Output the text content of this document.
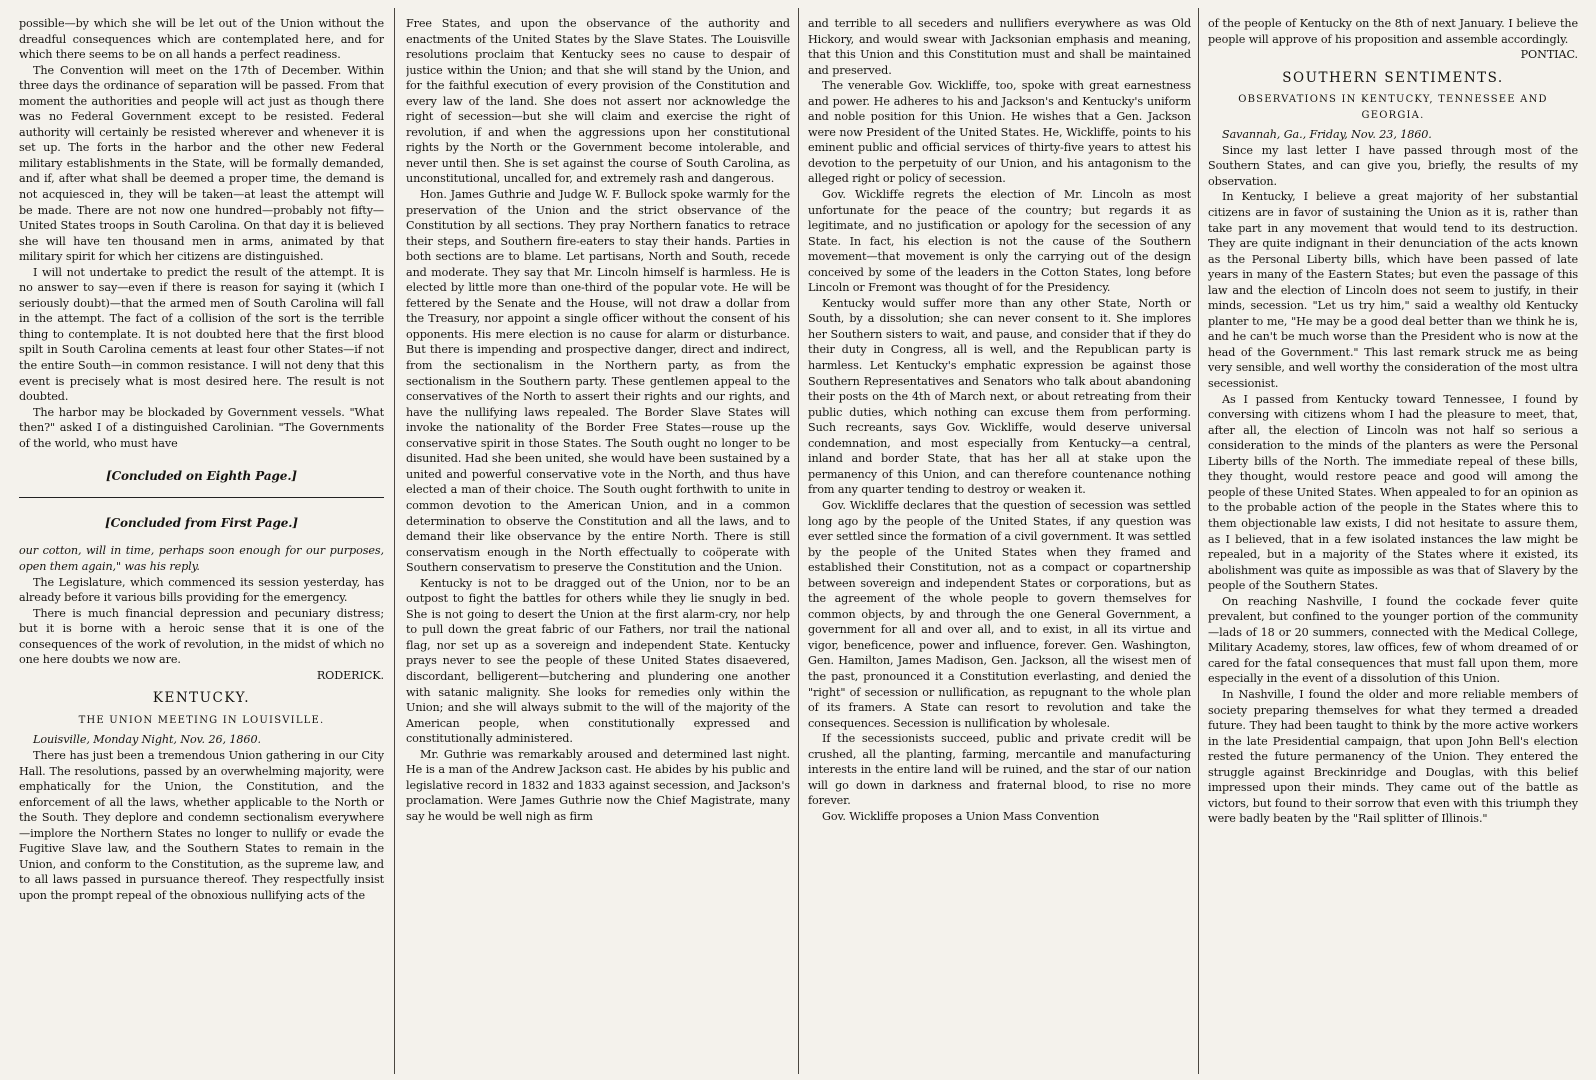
possible—by which she will be let out of the Union without the dreadful consequences which are contemplated here, and for which there seems to be on all hands a perfect readiness.

The Convention will meet on the 17th of December. Within three days the ordinance of separation will be passed. From that moment the authorities and people will act just as though there was no Federal Government except to be resisted. Federal authority will certainly be resisted wherever and whenever it is set up. The forts in the harbor and the other new Federal military establishments in the State, will be formally demanded, and if, after what shall be deemed a proper time, the demand is not acquiesced in, they will be taken—at least the attempt will be made. There are not now one hundred—probably not fifty—United States troops in South Carolina. On that day it is believed she will have ten thousand men in arms, animated by that military spirit for which her citizens are distinguished.

I will not undertake to predict the result of the attempt. It is no answer to say—even if there is reason for saying it (which I seriously doubt)—that the armed men of South Carolina will fall in the attempt. The fact of a collision of the sort is the terrible thing to contemplate. It is not doubted here that the first blood spilt in South Carolina cements at least four other States—if not the entire South—in common resistance. I will not deny that this event is precisely what is most desired here. The result is not doubted.

The harbor may be blockaded by Government vessels. "What then?" asked I of a distinguished Carolinian. "The Governments of the world, who must have

[Concluded on Eighth Page.]

[Concluded from First Page.]

our cotton, will in time, perhaps soon enough for our purposes, open them again," was his reply.

The Legislature, which commenced its session yesterday, has already before it various bills providing for the emergency.

There is much financial depression and pecuniary distress; but it is borne with a heroic sense that it is one of the consequences of the work of revolution, in the midst of which no one here doubts we now are.

RODERICK.

KENTUCKY.

THE UNION MEETING IN LOUISVILLE.

Louisville, Monday Night, Nov. 26, 1860.

There has just been a tremendous Union gathering in our City Hall. The resolutions, passed by an overwhelming majority, were emphatically for the Union, the Constitution, and the enforcement of all the laws, whether applicable to the North or the South. They deplore and condemn sectionalism everywhere—implore the Northern States no longer to nullify or evade the Fugitive Slave law, and the Southern States to remain in the Union, and conform to the Constitution, as the supreme law, and to all laws passed in pursuance thereof. They respectfully insist upon the prompt repeal of the obnoxious nullifying acts of the

Free States, and upon the observance of the authority and enactments of the United States by the Slave States. The Louisville resolutions proclaim that Kentucky sees no cause to despair of justice within the Union; and that she will stand by the Union, and for the faithful execution of every provision of the Constitution and every law of the land. She does not assert nor acknowledge the right of secession—but she will claim and exercise the right of revolution, if and when the aggressions upon her constitutional rights by the North or the Government become intolerable, and never until then. She is set against the course of South Carolina, as unconstitutional, uncalled for, and extremely rash and dangerous.

Hon. James Guthrie and Judge W. F. Bullock spoke warmly for the preservation of the Union and the strict observance of the Constitution by all sections. They pray Northern fanatics to retrace their steps, and Southern fire-eaters to stay their hands. Parties in both sections are to blame. Let partisans, North and South, recede and moderate. They say that Mr. Lincoln himself is harmless. He is elected by little more than one-third of the popular vote. He will be fettered by the Senate and the House, will not draw a dollar from the Treasury, nor appoint a single officer without the consent of his opponents. His mere election is no cause for alarm or disturbance. But there is impending and prospective danger, direct and indirect, from the sectionalism in the Northern party, as from the sectionalism in the Southern party. These gentlemen appeal to the conservatives of the North to assert their rights and our rights, and have the nullifying laws repealed. The Border Slave States will invoke the nationality of the Border Free States—rouse up the conservative spirit in those States. The South ought no longer to be disunited. Had she been united, she would have been sustained by a united and powerful conservative vote in the North, and thus have elected a man of their choice. The South ought forthwith to unite in common devotion to the American Union, and in a common determination to observe the Constitution and all the laws, and to demand their like observance by the entire North. There is still conservatism enough in the North effectually to coöperate with Southern conservatism to preserve the Constitution and the Union.

Kentucky is not to be dragged out of the Union, nor to be an outpost to fight the battles for others while they lie snugly in bed. She is not going to desert the Union at the first alarm-cry, nor help to pull down the great fabric of our Fathers, nor trail the national flag, nor set up as a sovereign and independent State. Kentucky prays never to see the people of these United States disaevered, discordant, belligerent—butchering and plundering one another with satanic malignity. She looks for remedies only within the Union; and she will always submit to the will of the majority of the American people, when constitutionally expressed and constitutionally administered.

Mr. Guthrie was remarkably aroused and determined last night. He is a man of the Andrew Jackson cast. He abides by his public and legislative record in 1832 and 1833 against secession, and Jackson's proclamation. Were James Guthrie now the Chief Magistrate, many say he would be well nigh as firm

and terrible to all seceders and nullifiers everywhere as was Old Hickory, and would swear with Jacksonian emphasis and meaning, that this Union and this Constitution must and shall be maintained and preserved.

The venerable Gov. Wickliffe, too, spoke with great earnestness and power. He adheres to his and Jackson's and Kentucky's uniform and noble position for this Union. He wishes that a Gen. Jackson were now President of the United States. He, Wickliffe, points to his eminent public and official services of thirty-five years to attest his devotion to the perpetuity of our Union, and his antagonism to the alleged right or policy of secession.

Gov. Wickliffe regrets the election of Mr. Lincoln as most unfortunate for the peace of the country; but regards it as legitimate, and no justification or apology for the secession of any State. In fact, his election is not the cause of the Southern movement—that movement is only the carrying out of the design conceived by some of the leaders in the Cotton States, long before Lincoln or Fremont was thought of for the Presidency.

Kentucky would suffer more than any other State, North or South, by a dissolution; she can never consent to it. She implores her Southern sisters to wait, and pause, and consider that if they do their duty in Congress, all is well, and the Republican party is harmless. Let Kentucky's emphatic expression be against those Southern Representatives and Senators who talk about abandoning their posts on the 4th of March next, or about retreating from their public duties, which nothing can excuse them from performing. Such recreants, says Gov. Wickliffe, would deserve universal condemnation, and most especially from Kentucky—a central, inland and border State, that has her all at stake upon the permanency of this Union, and can therefore countenance nothing from any quarter tending to destroy or weaken it.

Gov. Wickliffe declares that the question of secession was settled long ago by the people of the United States, if any question was ever settled since the formation of a civil government. It was settled by the people of the United States when they framed and established their Constitution, not as a compact or copartnership between sovereign and independent States or corporations, but as the agreement of the whole people to govern themselves for common objects, by and through the one General Government, a government for all and over all, and to exist, in all its virtue and vigor, beneficence, power and influence, forever. Gen. Washington, Gen. Hamilton, James Madison, Gen. Jackson, all the wisest men of the past, pronounced it a Constitution everlasting, and denied the "right" of secession or nullification, as repugnant to the whole plan of its framers. A State can resort to revolution and take the consequences. Secession is nullification by wholesale.

If the secessionists succeed, public and private credit will be crushed, all the planting, farming, mercantile and manufacturing interests in the entire land will be ruined, and the star of our nation will go down in darkness and fraternal blood, to rise no more forever.

Gov. Wickliffe proposes a Union Mass Convention

of the people of Kentucky on the 8th of next January. I believe the people will approve of his proposition and assemble accordingly.

PONTIAC.

SOUTHERN SENTIMENTS.

OBSERVATIONS IN KENTUCKY, TENNESSEE AND GEORGIA.

Savannah, Ga., Friday, Nov. 23, 1860.

Since my last letter I have passed through most of the Southern States, and can give you, briefly, the results of my observation.

In Kentucky, I believe a great majority of her substantial citizens are in favor of sustaining the Union as it is, rather than take part in any movement that would tend to its destruction. They are quite indignant in their denunciation of the acts known as the Personal Liberty bills, which have been passed of late years in many of the Eastern States; but even the passage of this law and the election of Lincoln does not seem to justify, in their minds, secession. "Let us try him," said a wealthy old Kentucky planter to me, "He may be a good deal better than we think he is, and he can't be much worse than the President who is now at the head of the Government." This last remark struck me as being very sensible, and well worthy the consideration of the most ultra secessionist.

As I passed from Kentucky toward Tennessee, I found by conversing with citizens whom I had the pleasure to meet, that, after all, the election of Lincoln was not half so serious a consideration to the minds of the planters as were the Personal Liberty bills of the North. The immediate repeal of these bills, they thought, would restore peace and good will among the people of these United States. When appealed to for an opinion as to the probable action of the people in the States where this to them objectionable law exists, I did not hesitate to assure them, as I believed, that in a few isolated instances the law might be repealed, but in a majority of the States where it existed, its abolishment was quite as impossible as was that of Slavery by the people of the Southern States.

On reaching Nashville, I found the cockade fever quite prevalent, but confined to the younger portion of the community—lads of 18 or 20 summers, connected with the Medical College, Military Academy, stores, law offices, few of whom dreamed of or cared for the fatal consequences that must fall upon them, more especially in the event of a dissolution of this Union.

In Nashville, I found the older and more reliable members of society preparing themselves for what they termed a dreaded future. They had been taught to think by the more active workers in the late Presidential campaign, that upon John Bell's election rested the future permanency of the Union. They entered the struggle against Breckinridge and Douglas, with this belief impressed upon their minds. They came out of the battle as victors, but found to their sorrow that even with this triumph they were badly beaten by the "Rail splitter of Illinois."
